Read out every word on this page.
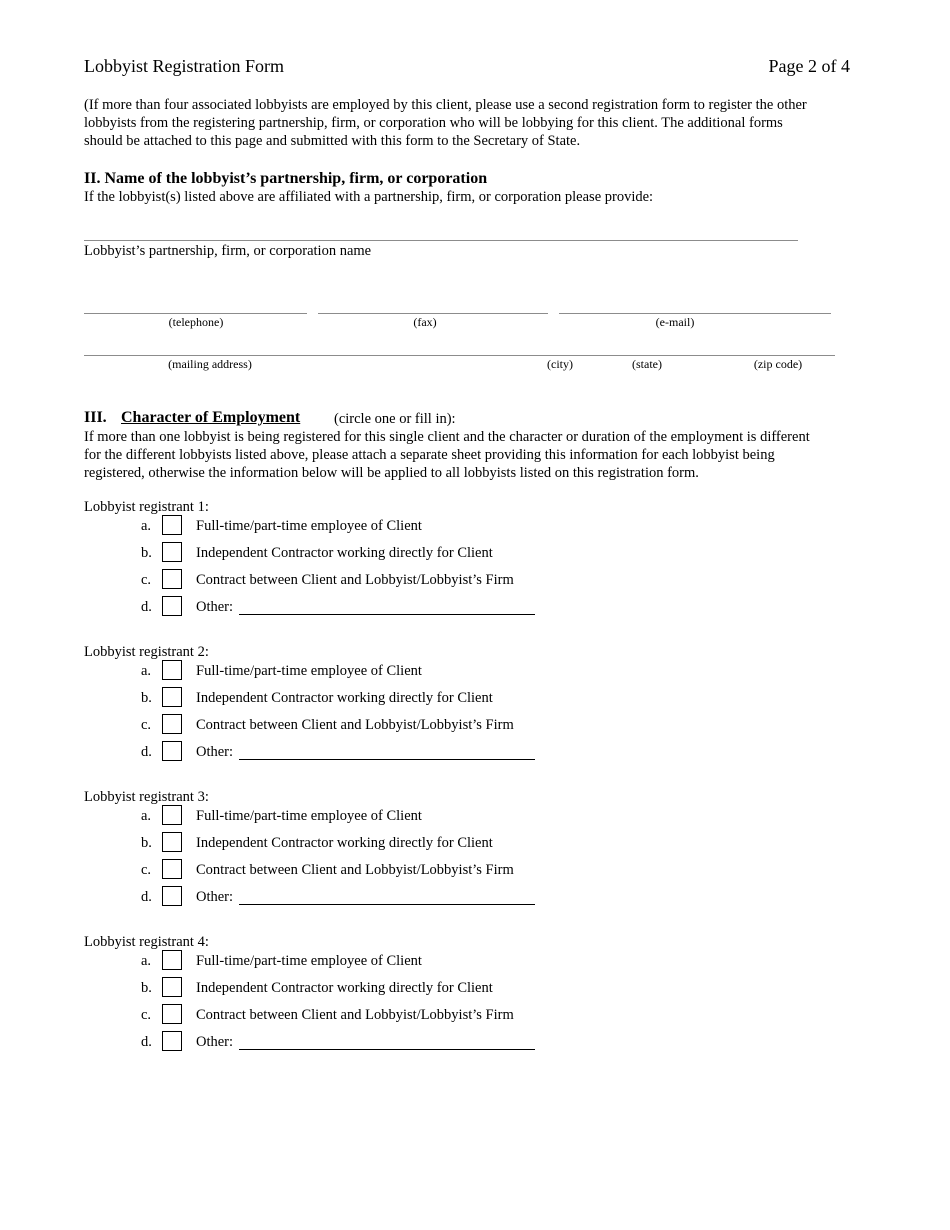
Lobbyist Registration Form	Page 2 of 4
(If more than four associated lobbyists are employed by this client, please use a second registration form to register the other
lobbyists from the registering partnership, firm, or corporation who will be lobbying for this client. The additional forms
should be attached to this page and submitted with this form to the Secretary of State.
II. Name of the lobbyist’s partnership, firm, or corporation
If the lobbyist(s) listed above are affiliated with a partnership, firm, or corporation please provide:
Lobbyist’s partnership, firm, or corporation name
(telephone)	(fax)	(e-mail)
(mailing address)	(city)	(state)	(zip code)
III. Character of Employment (circle one or fill in):
If more than one lobbyist is being registered for this single client and the character or duration of the employment is different
for the different lobbyists listed above, please attach a separate sheet providing this information for each lobbyist being
registered, otherwise the information below will be applied to all lobbyists listed on this registration form.
Lobbyist registrant 1:
a.	Full-time/part-time employee of Client
b.	Independent Contractor working directly for Client
c.	Contract between Client and Lobbyist/Lobbyist’s Firm
d.	Other:
Lobbyist registrant 2:
a.	Full-time/part-time employee of Client
b.	Independent Contractor working directly for Client
c.	Contract between Client and Lobbyist/Lobbyist’s Firm
d.	Other:
Lobbyist registrant 3:
a.	Full-time/part-time employee of Client
b.	Independent Contractor working directly for Client
c.	Contract between Client and Lobbyist/Lobbyist’s Firm
d.	Other:
Lobbyist registrant 4:
a.	Full-time/part-time employee of Client
b.	Independent Contractor working directly for Client
c.	Contract between Client and Lobbyist/Lobbyist’s Firm
d.	Other:
